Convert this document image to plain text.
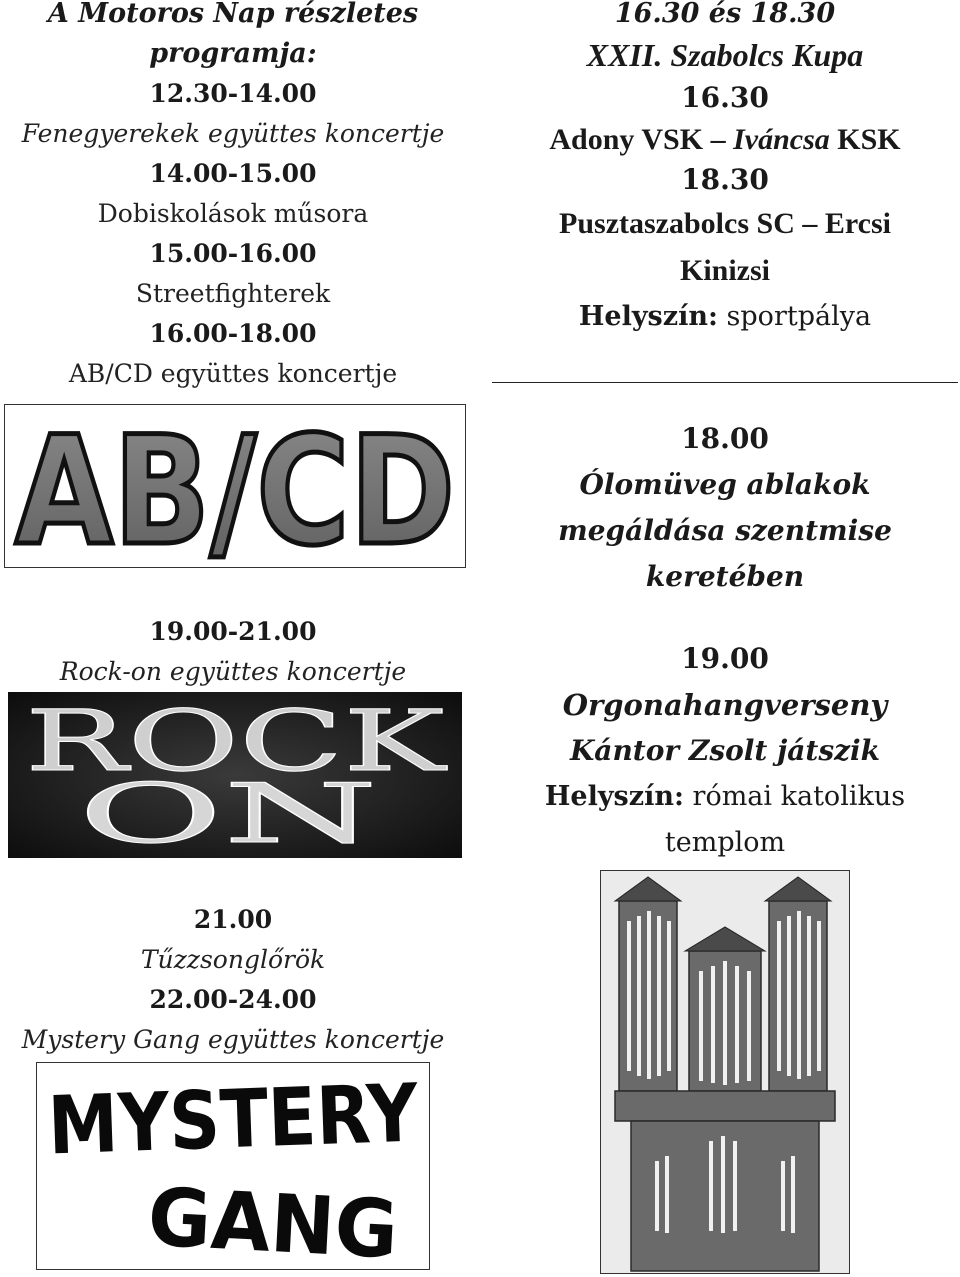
A Motoros Nap részletes
programja:
12.30-14.00
Fenegyerekek együttes koncertje
14.00-15.00
Dobiskolások műsora
15.00-16.00
Streetfighterek
16.00-18.00
AB/CD együttes koncertje
19.00-21.00
Rock-on együttes koncertje
21.00
Tűzzsonglőrök
22.00-24.00
Mystery Gang együttes koncertje
AB/CD
ROCK
ON
MYSTERY
GANG
16.30 és 18.30
XXII. Szabolcs Kupa
16.30
Adony VSK – Iváncsa KSK
18.30
Pusztaszabolcs SC – Ercsi
Kinizsi
Helyszín: sportpálya
18.00
Ólomüveg ablakok
megáldása szentmise
keretében
19.00
Orgonahangverseny
Kántor Zsolt játszik
Helyszín: római katolikus
templom
